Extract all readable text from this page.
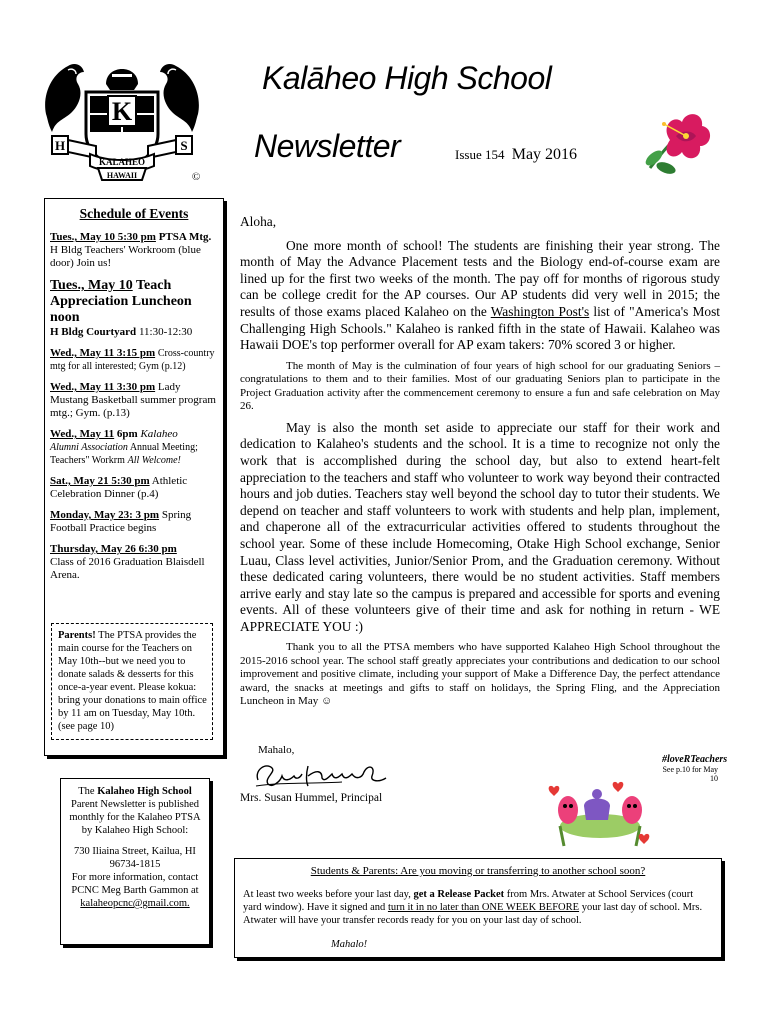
K
H	S
KALAHEO
HAWAII	©
Kalāheo High School
Newsletter	Issue 154 May 2016
Schedule of Events
Tues., May 10 5:30 pm PTSA Mtg. H Bldg Teachers' Workroom (blue door) Join us!
Tues., May 10 Teach Appreciation Luncheon noon
H Bldg Courtyard 11:30-12:30
Wed., May 11 3:15 pm Cross-country mtg for all interested; Gym (p.12)
Wed., May 11 3:30 pm Lady Mustang Basketball summer program mtg.; Gym. (p.13)
Wed., May 11 6pm Kalaheo
Alumni Association Annual Meeting; Teachers" Workrm All Welcome!
Sat., May 21 5:30 pm Athletic Celebration Dinner (p.4)
Monday, May 23: 3 pm Spring Football Practice begins
Thursday, May 26 6:30 pm
Class of 2016 Graduation Blaisdell Arena.
Parents! The PTSA provides the main course for the Teachers on May 10th--but we need you to donate salads & desserts for this once-a-year event. Please kokua: bring your donations to main office by 11 am on Tuesday, May 10th. (see page 10)
The Kalaheo High School Parent Newsletter is published monthly for the Kalaheo PTSA by Kalaheo High School:
730 Iliaina Street, Kailua, HI 96734-1815
For more information, contact PCNC Meg Barth Gammon at
kalaheopcnc@gmail.com.

Aloha,

One more month of school! The students are finishing their year strong. The month of May the Advance Placement tests and the Biology end-of-course exam are lined up for the first two weeks of the month. The pay off for months of rigorous study can be college credit for the AP courses. Our AP students did very well in 2015; the results of those exams placed Kalaheo on the Washington Post's list of "America's Most Challenging High Schools." Kalaheo is ranked fifth in the state of Hawaii. Kalaheo was Hawaii DOE's top performer overall for AP exam takers: 70% scored 3 or higher.

The month of May is the culmination of four years of high school for our graduating Seniors – congratulations to them and to their families. Most of our graduating Seniors plan to participate in the Project Graduation activity after the commencement ceremony to ensure a fun and safe celebration on May 26.

May is also the month set aside to appreciate our staff for their work and dedication to Kalaheo's students and the school. It is a time to recognize not only the work that is accomplished during the school day, but also to extend heart-felt appreciation to the teachers and staff who volunteer to work way beyond their contracted hours and job duties. Teachers stay well beyond the school day to tutor their students. We depend on teacher and staff volunteers to work with students and help plan, implement, and chaperone all of the extracurricular activities offered to students throughout the school year. Some of these include Homecoming, Otake High School exchange, Senior Luau, Class level activities, Junior/Senior Prom, and the Graduation ceremony. Without these dedicated caring volunteers, there would be no student activities. Staff members arrive early and stay late so the campus is prepared and accessible for sports and evening events. All of these volunteers give of their time and ask for nothing in return - WE APPRECIATE YOU :)

Thank you to all the PTSA members who have supported Kalaheo High School throughout the 2015-2016 school year. The school staff greatly appreciates your contributions and dedication to our school improvement and positive climate, including your support of Make a Difference Day, the perfect attendance award, the snacks at meetings and gifts to staff on holidays, the Spring Fling, and the Appreciation Luncheon in May ☺

Mahalo,
Mrs. Susan Hummel, Principal
#loveRTeachers
See p.10 for May 10
Students & Parents: Are you moving or transferring to another school soon?
At least two weeks before your last day, get a Release Packet from Mrs. Atwater at School Services (court yard window). Have it signed and turn it in no later than ONE WEEK BEFORE your last day of school. Mrs. Atwater will have your transfer records ready for you on your last day of school.
Mahalo!
